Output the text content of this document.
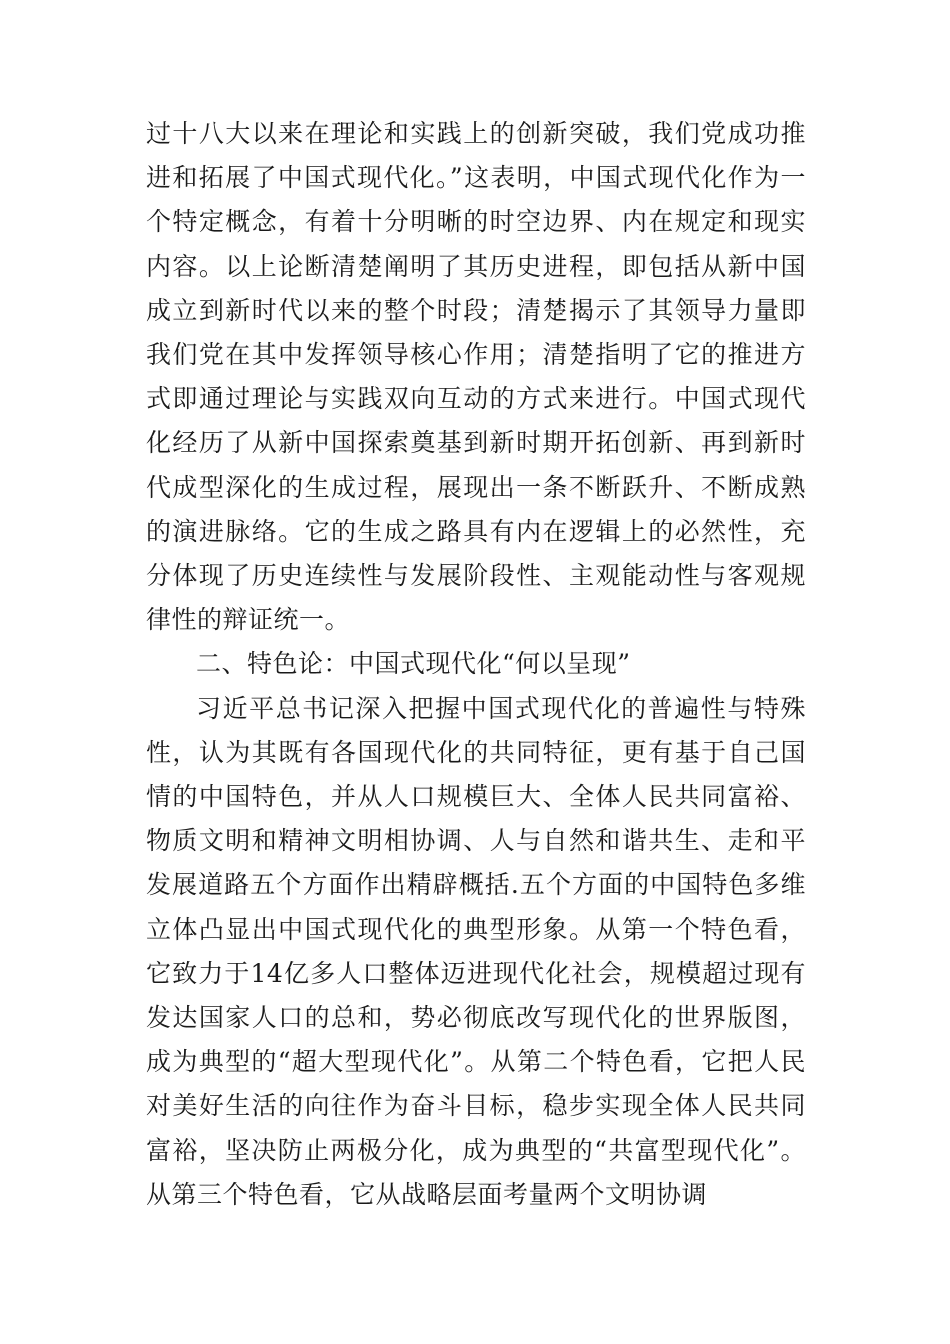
过十八大以来在理论和实践上的创新突破，我们党成功推进和拓展了中国式现代化。”这表明，中国式现代化作为一个特定概念，有着十分明晰的时空边界、内在规定和现实内容。以上论断清楚阐明了其历史进程，即包括从新中国成立到新时代以来的整个时段；清楚揭示了其领导力量即我们党在其中发挥领导核心作用；清楚指明了它的推进方式即通过理论与实践双向互动的方式来进行。中国式现代化经历了从新中国探索奠基到新时期开拓创新、再到新时代成型深化的生成过程，展现出一条不断跃升、不断成熟的演进脉络。它的生成之路具有内在逻辑上的必然性，充分体现了历史连续性与发展阶段性、主观能动性与客观规律性的辩证统一。

二、特色论：中国式现代化“何以呈现”

习近平总书记深入把握中国式现代化的普遍性与特殊性，认为其既有各国现代化的共同特征，更有基于自己国情的中国特色，并从人口规模巨大、全体人民共同富裕、物质文明和精神文明相协调、人与自然和谐共生、走和平发展道路五个方面作出精辟概括.五个方面的中国特色多维立体凸显出中国式现代化的典型形象。从第一个特色看，它致力于14亿多人口整体迈进现代化社会，规模超过现有发达国家人口的总和，势必彻底改写现代化的世界版图，成为典型的“超大型现代化”。从第二个特色看，它把人民对美好生活的向往作为奋斗目标，稳步实现全体人民共同富裕，坚决防止两极分化，成为典型的“共富型现代化”。从第三个特色看，它从战略层面考量两个文明协调
